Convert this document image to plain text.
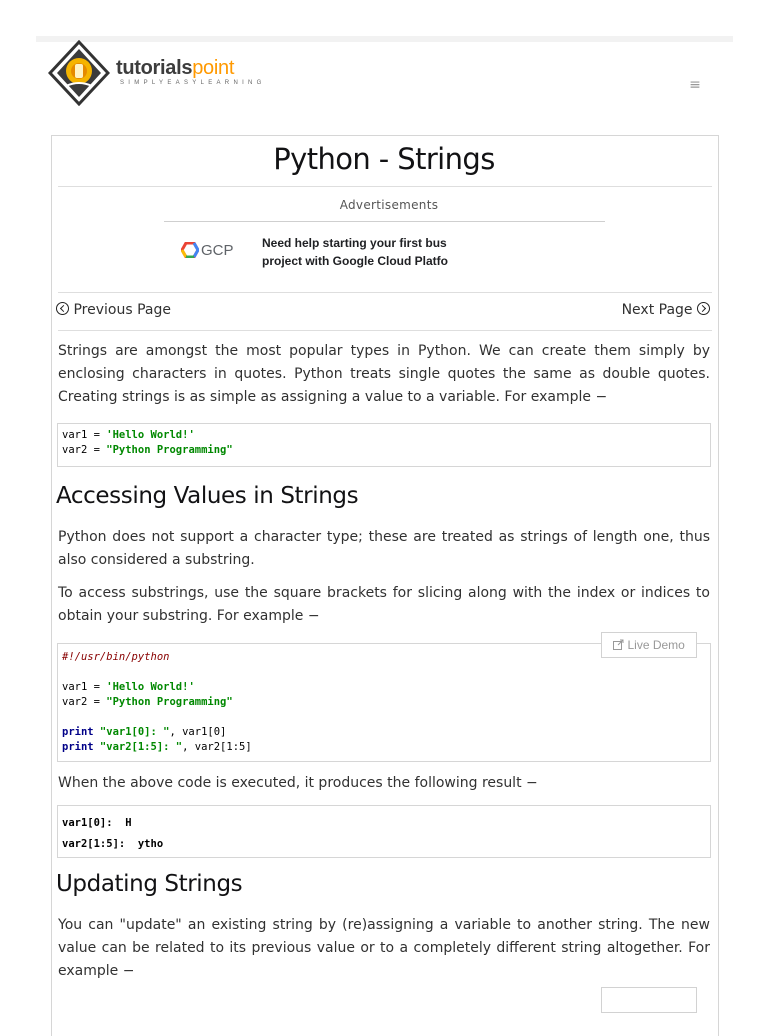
tutorialspoint
SIMPLYEASYLEARNING	≡
Python - Strings
Advertisements
GCP	Need help starting your first bus
project with Google Cloud Platfo
Previous Page	Next Page

Strings are amongst the most popular types in Python. We can create them simply by enclosing characters in quotes. Python treats single quotes the same as double quotes. Creating strings is as simple as assigning a value to a variable. For example −

var1 = 'Hello World!'
var2 = "Python Programming"
Accessing Values in Strings

Python does not support a character type; these are treated as strings of length one, thus also considered a substring.

To access substrings, use the square brackets for slicing along with the index or indices to obtain your substring. For example −

#!/usr/bin/python

var1 = 'Hello World!'
var2 = "Python Programming"

print "var1[0]: ", var1[0]
print "var2[1:5]: ", var2[1:5]
Live Demo

When the above code is executed, it produces the following result −

var1[0]:  H
var2[1:5]:  ytho
Updating Strings

You can "update" an existing string by (re)assigning a variable to another string. The new value can be related to its previous value or to a completely different string altogether. For example −
